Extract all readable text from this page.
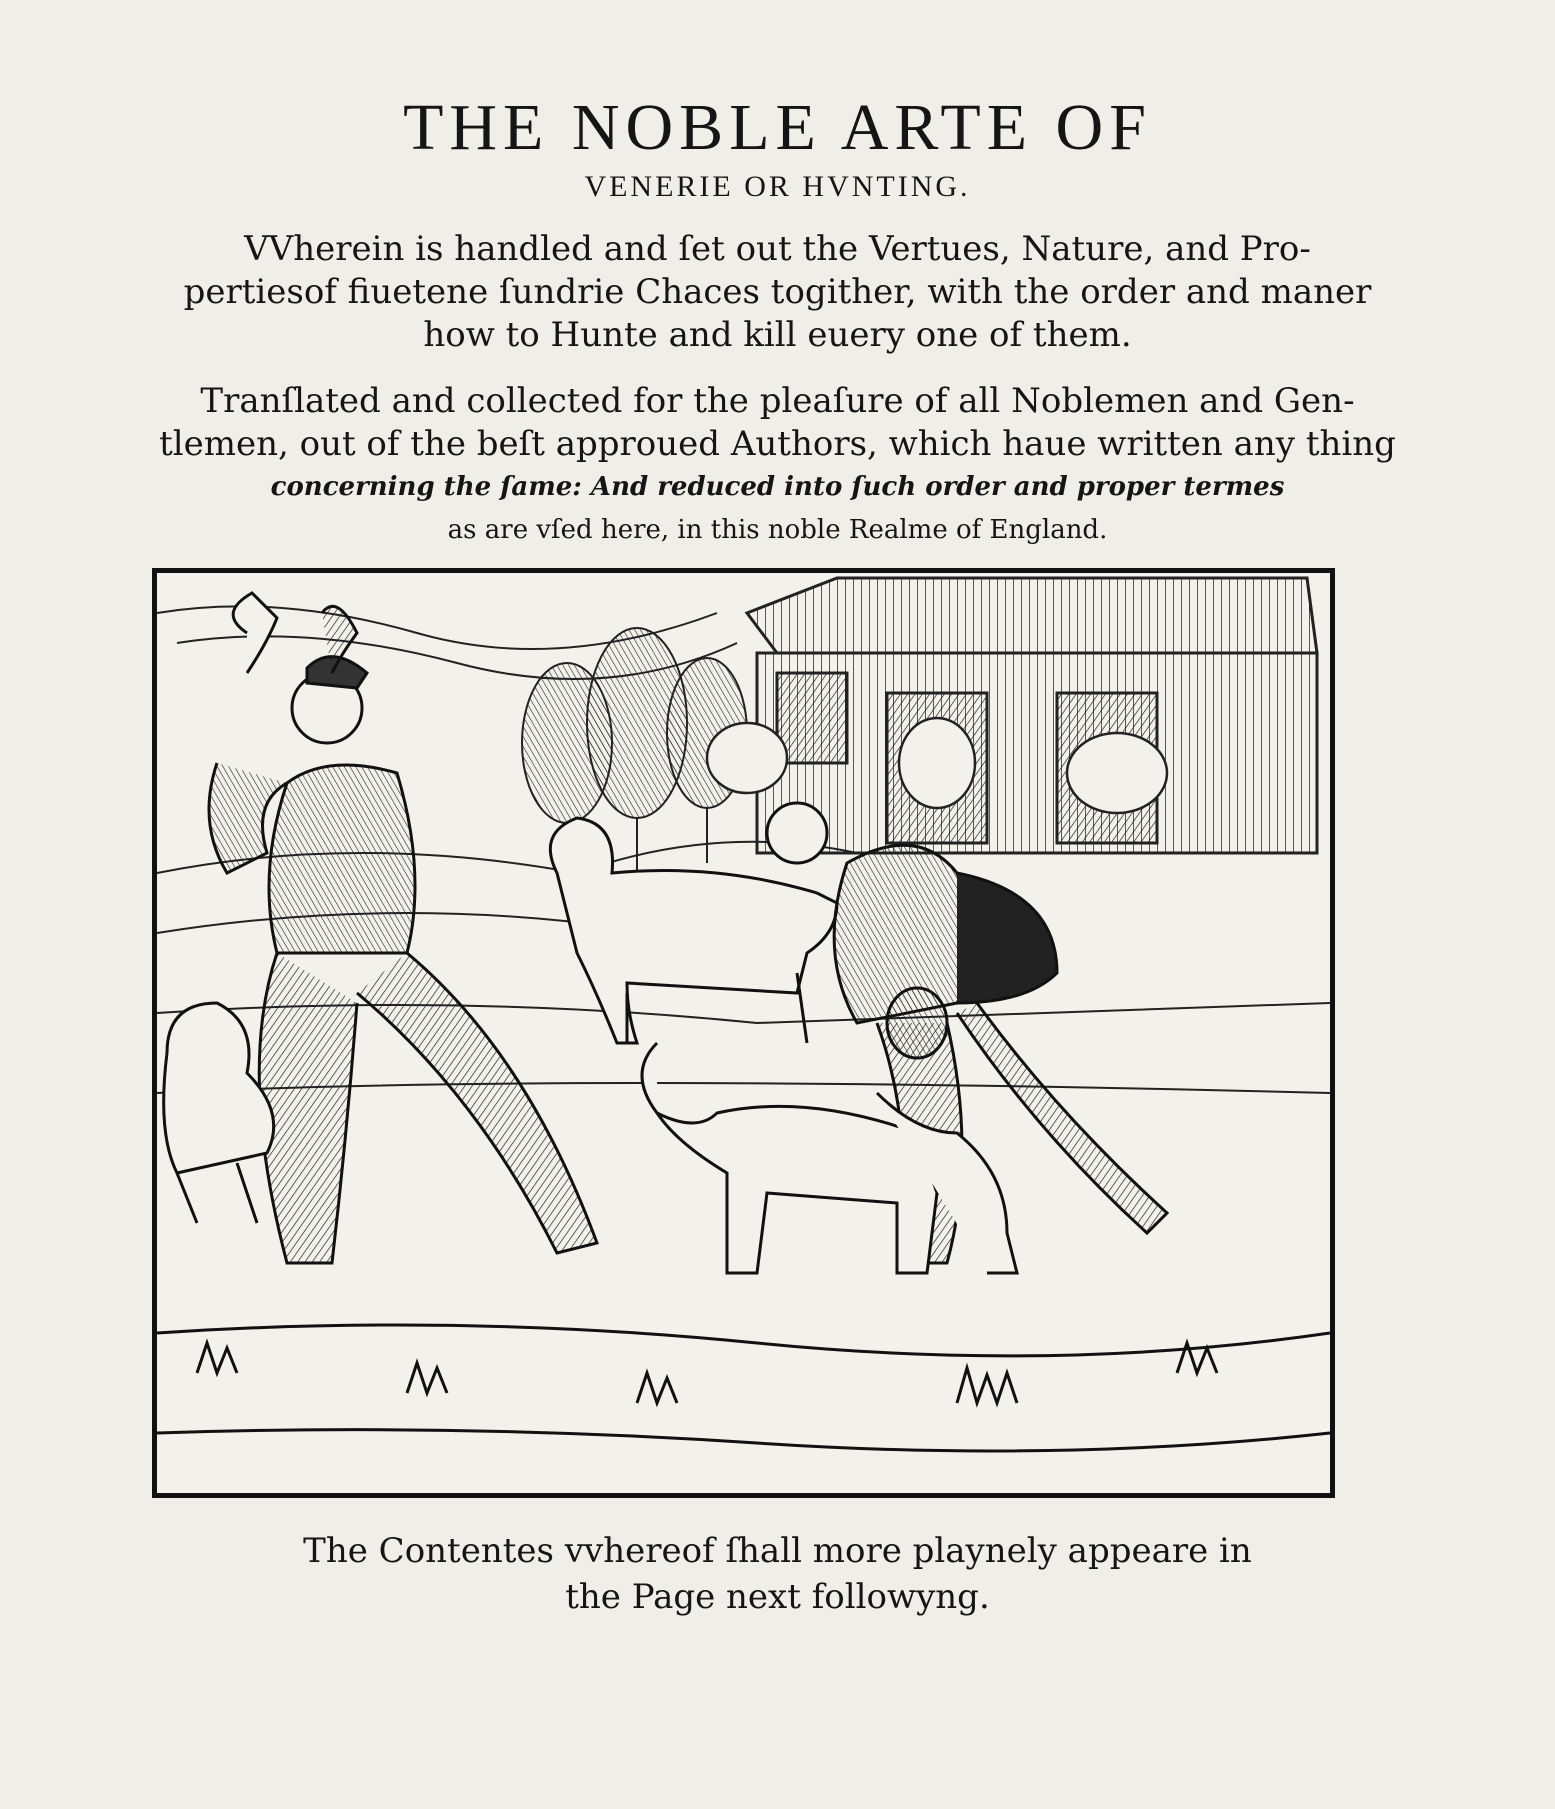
THE NOBLE ARTE OF
VENERIE OR HVNTING.
VVherein is handled and ſet out the Vertues, Nature, and Pro-
pertiesof fiuetene ſundrie Chaces togither, with the order and maner
how to Hunte and kill euery one of them.
Tranſlated and collected for the pleaſure of all Noblemen and Gen-
tlemen, out of the beſt approued Authors, which haue written any thing
concerning the ſame: And reduced into ſuch order and proper termes
as are vſed here, in this noble Realme of England.
The Contentes vvhereof ſhall more playnely appeare in
the Page next followyng.
